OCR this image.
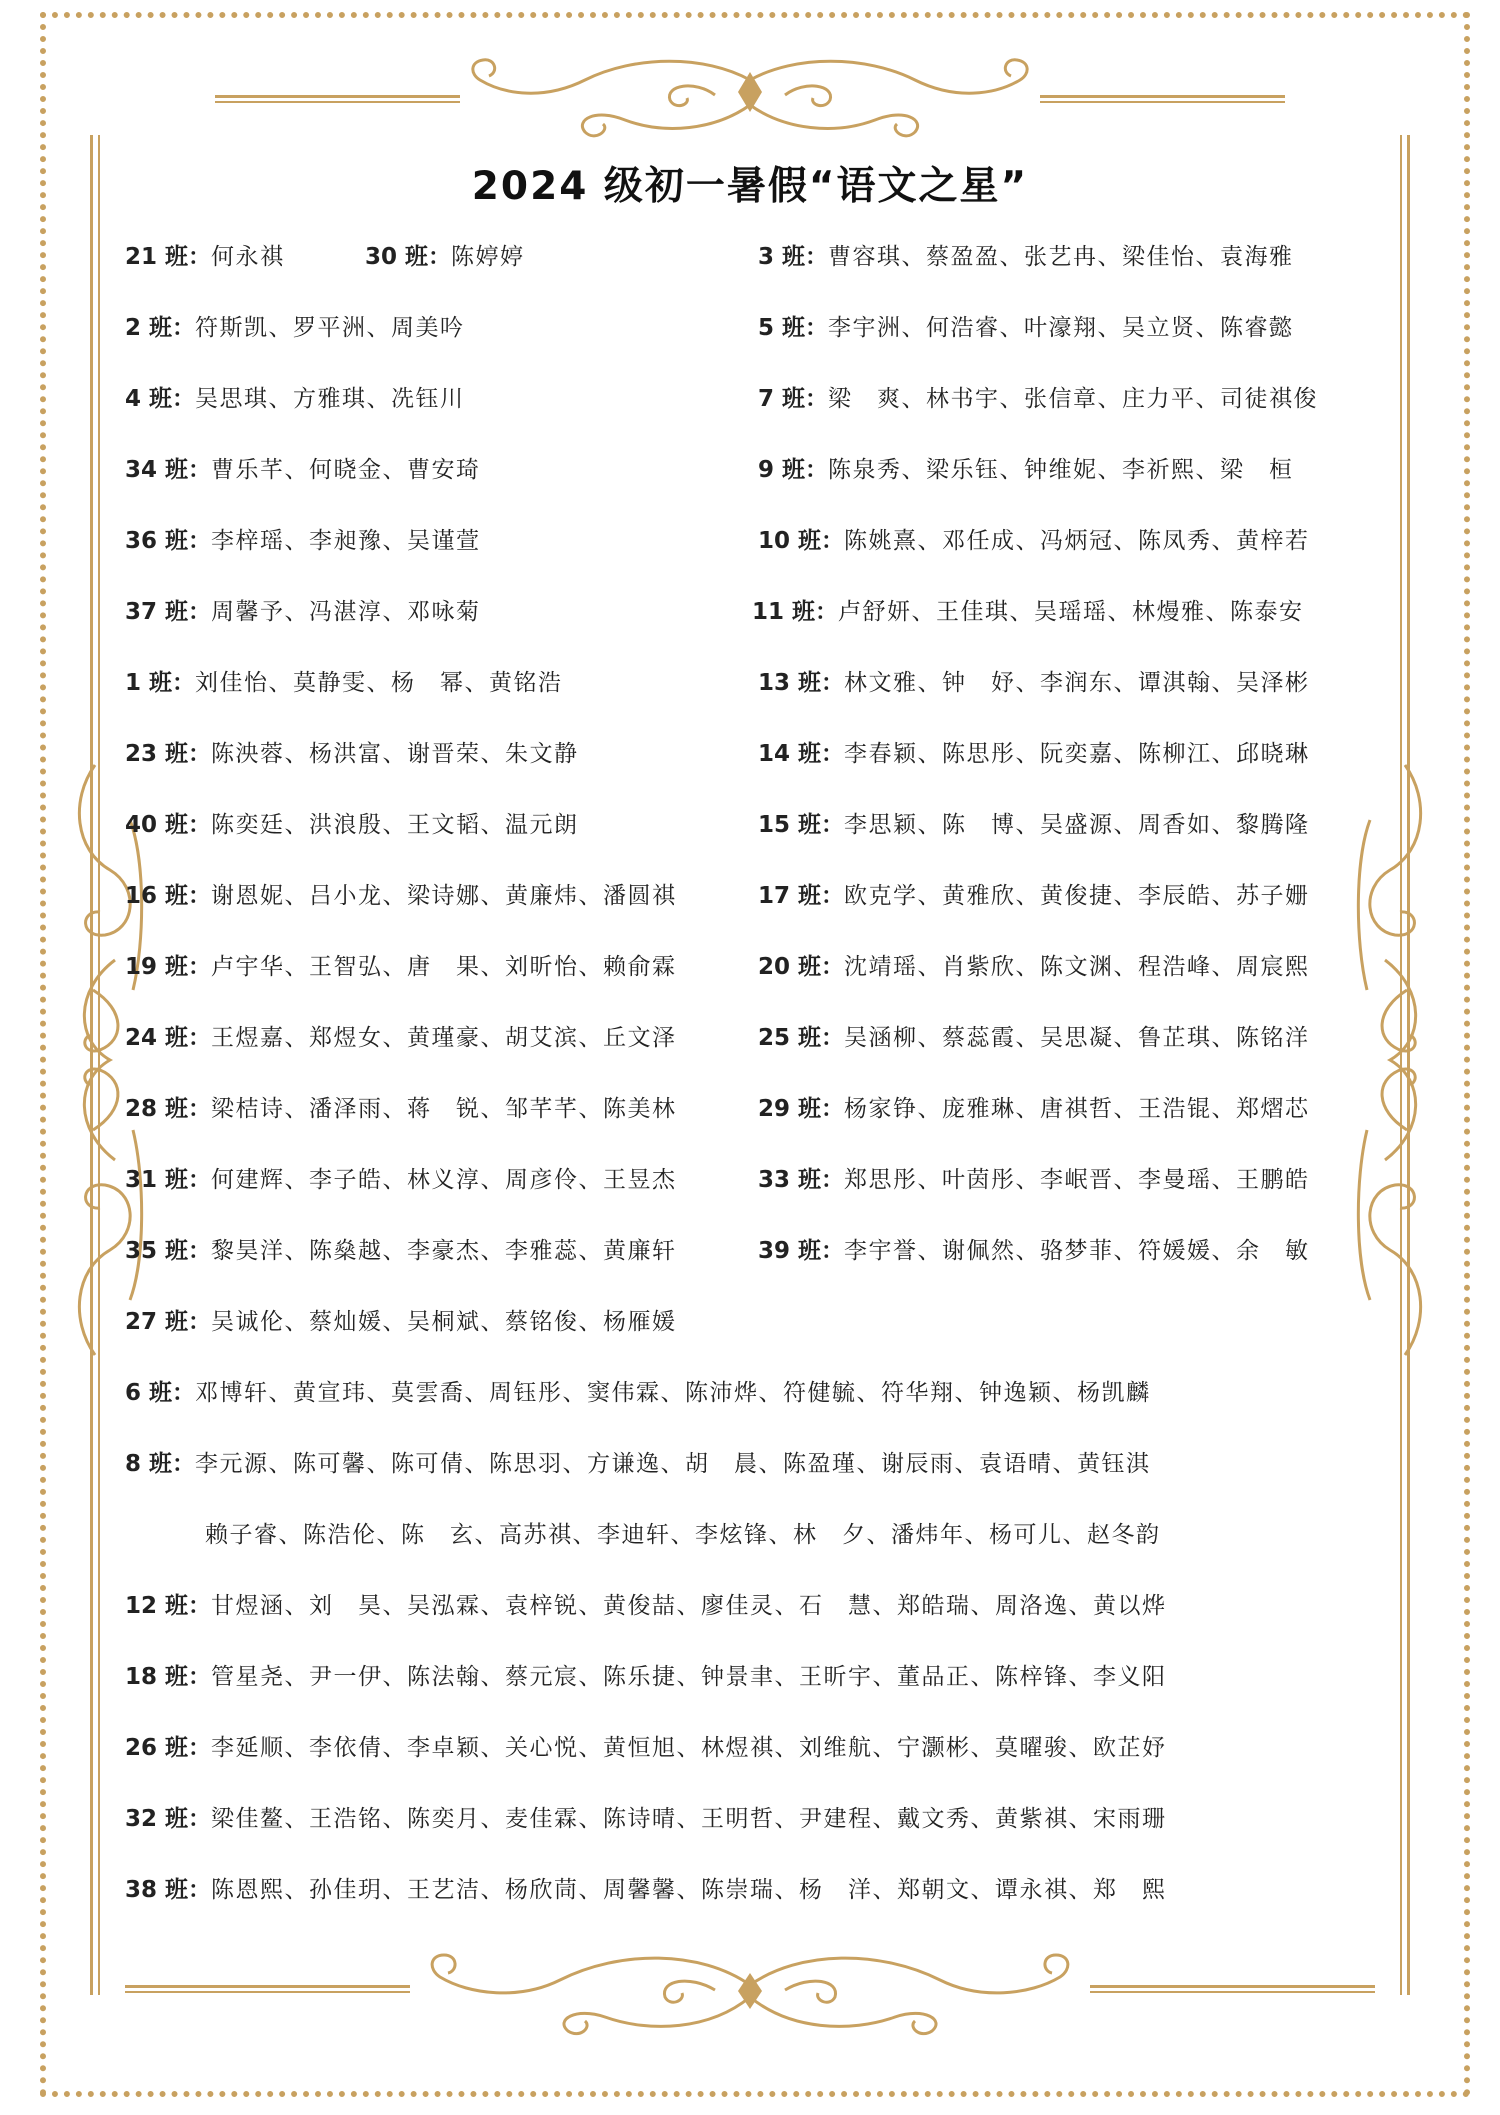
2024 级初一暑假“语文之星”
21 班：何永祺	30 班：陈婷婷
2 班：符斯凯、罗平洲、周美吟
4 班：吴思琪、方雅琪、冼钰川
34 班：曹乐芊、何晓金、曹安琦
36 班：李梓瑶、李昶豫、吴谨萱
37 班：周馨予、冯湛淳、邓咏菊
1 班：刘佳怡、莫静雯、杨　幂、黄铭浩
23 班：陈泱蓉、杨洪富、谢晋荣、朱文静
40 班：陈奕廷、洪浪殷、王文韬、温元朗
16 班：谢恩妮、吕小龙、梁诗娜、黄廉炜、潘圆祺
19 班：卢宇华、王智弘、唐　果、刘昕怡、赖俞霖
24 班：王煜嘉、郑煜女、黄瑾豪、胡艾滨、丘文泽
28 班：梁桔诗、潘泽雨、蒋　锐、邹芊芊、陈美林
31 班：何建辉、李子皓、林义淳、周彦伶、王昱杰
35 班：黎昊洋、陈燊越、李豪杰、李雅蕊、黄廉轩
27 班：吴诚伦、蔡灿媛、吴桐斌、蔡铭俊、杨雁媛
3 班：曹容琪、蔡盈盈、张艺冉、梁佳怡、袁海雅
5 班：李宇洲、何浩睿、叶濠翔、吴立贤、陈睿懿
7 班：梁　爽、林书宇、张信章、庄力平、司徒祺俊
9 班：陈泉秀、梁乐钰、钟维妮、李祈熙、梁　桓
10 班：陈姚熹、邓任成、冯炳冠、陈凤秀、黄梓若
11 班：卢舒妍、王佳琪、吴瑶瑶、林熳雅、陈泰安
13 班：林文雅、钟　妤、李润东、谭淇翰、吴泽彬
14 班：李春颖、陈思彤、阮奕嘉、陈柳江、邱晓琳
15 班：李思颖、陈　博、吴盛源、周香如、黎腾隆
17 班：欧克学、黄雅欣、黄俊捷、李辰皓、苏子姗
20 班：沈靖瑶、肖紫欣、陈文渊、程浩峰、周宸熙
25 班：吴涵柳、蔡蕊霞、吴思凝、鲁芷琪、陈铭洋
29 班：杨家铮、庞雅琳、唐祺哲、王浩锟、郑熠芯
33 班：郑思彤、叶茵彤、李岷晋、李曼瑶、王鹏皓
39 班：李宇誉、谢佩然、骆梦菲、符媛媛、余　敏
6 班：邓博轩、黄宣玮、莫雲喬、周钰彤、窦伟霖、陈沛烨、符健毓、符华翔、钟逸颖、杨凯麟
8 班：李元源、陈可馨、陈可倩、陈思羽、方谦逸、胡　晨、陈盈瑾、谢辰雨、袁语晴、黄钰淇
赖子睿、陈浩伦、陈　玄、高苏祺、李迪轩、李炫锋、林　夕、潘炜年、杨可儿、赵冬韵
12 班：甘煜涵、刘　昊、吴泓霖、袁梓锐、黄俊喆、廖佳灵、石　慧、郑皓瑞、周洛逸、黄以烨
18 班：管星尧、尹一伊、陈法翰、蔡元宸、陈乐捷、钟景聿、王昕宇、董品正、陈梓锋、李义阳
26 班：李延顺、李依倩、李卓颖、关心悦、黄恒旭、林煜祺、刘维航、宁灏彬、莫曜骏、欧芷妤
32 班：梁佳鳌、王浩铭、陈奕月、麦佳霖、陈诗晴、王明哲、尹建程、戴文秀、黄紫祺、宋雨珊
38 班：陈恩熙、孙佳玥、王艺洁、杨欣茼、周馨馨、陈崇瑞、杨　洋、郑朝文、谭永祺、郑　熙
